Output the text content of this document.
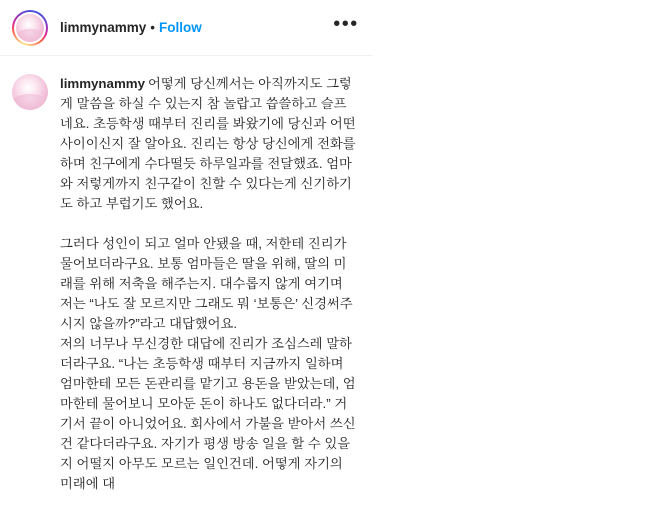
limmynammy • Follow	•••

limmynammy 어떻게 당신께서는 아직까지도 그렇게 말씀을 하실 수 있는지 참 놀랍고 씁쓸하고 슬프네요. 초등학생 때부터 진리를 봐왔기에 당신과 어떤 사이이신지 잘 알아요. 진리는 항상 당신에게 전화를 하며 친구에게 수다떨듯 하루일과를 전달했죠. 엄마와 저렇게까지 친구같이 친할 수 있다는게 신기하기도 하고 부럽기도 했어요.

그러다 성인이 되고 얼마 안됐을 때, 저한테 진리가 물어보더라구요. 보통 엄마들은 딸을 위해, 딸의 미래를 위해 저축을 해주는지. 대수롭지 않게 여기며 저는 “나도 잘 모르지만 그래도 뭐 ‘보통은’ 신경써주시지 않을까?”라고 대답했어요.

저의 너무나 무신경한 대답에 진리가 조심스레 말하더라구요. “나는 초등학생 때부터 지금까지 일하며 엄마한테 모든 돈관리를 맡기고 용돈을 받았는데, 엄마한테 물어보니 모아둔 돈이 하나도 없다더라.” 거기서 끝이 아니었어요. 회사에서 가불을 받아서 쓰신건 같다더라구요. 자기가 평생 방송 일을 할 수 있을지 어떨지 아무도 모르는 일인건데. 어떻게 자기의 미래에 대
